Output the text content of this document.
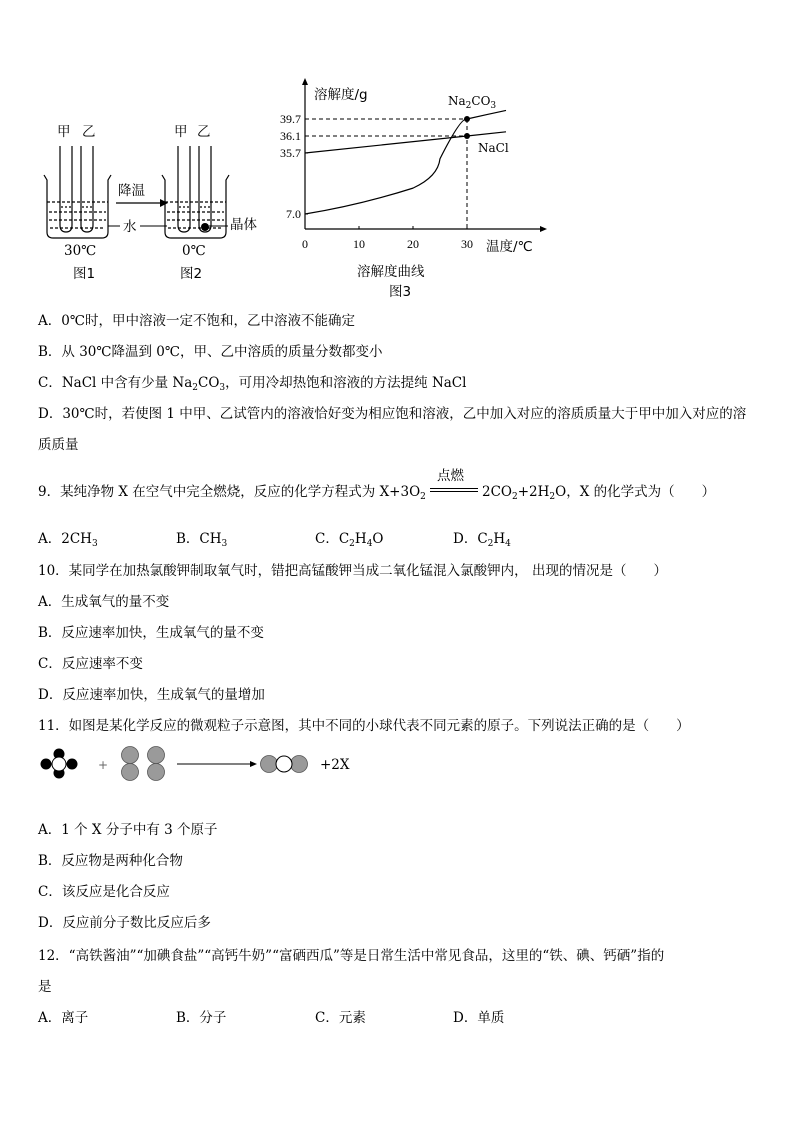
甲 乙	甲 乙
降温
水	晶体
30℃	0℃
图1	图2
0	10	20	30
7.0
35.7
36.1
39.7
溶解度/g
温度/℃
溶解度曲线
图3
$Na_2CO_3$
NaCl
A．0℃时，甲中溶液一定不饱和，乙中溶液不能确定
B．从 30℃降温到 0℃，甲、乙中溶质的质量分数都变小
C．NaCl 中含有少量 $Na_2CO_3$，可用冷却热饱和溶液的方法提纯 NaCl
D．30℃时，若使图 1 中甲、乙试管内的溶液恰好变为相应饱和溶液，乙中加入对应的溶质质量大于甲中加入对应的溶
质质量
点燃
9．某纯净物 X 在空气中完全燃烧，反应的化学方程式为 $X+3O_2$	$2CO_2+2H_2O$，X 的化学式为（　　）
A．$2CH_3$	B．$CH_3$	C．$C_2H_4O$	D．$C_2H_4$
10．某同学在加热氯酸钾制取氧气时，错把高锰酸钾当成二氧化锰混入氯酸钾内， 出现的情况是（　　）
A．生成氧气的量不变
B．反应速率加快，生成氧气的量不变
C．反应速率不变
D．反应速率加快，生成氧气的量增加
11．如图是某化学反应的微观粒子示意图，其中不同的小球代表不同元素的原子。下列说法正确的是（　　）
+	+2X
A．1 个 X 分子中有 3 个原子
B．反应物是两种化合物
C．该反应是化合反应
D．反应前分子数比反应后多
12．“高铁酱油”“加碘食盐”“高钙牛奶”“富硒西瓜”等是日常生活中常见食品，这里的“铁、碘、钙硒”指的
是
A．离子	B．分子	C．元素	D．单质
